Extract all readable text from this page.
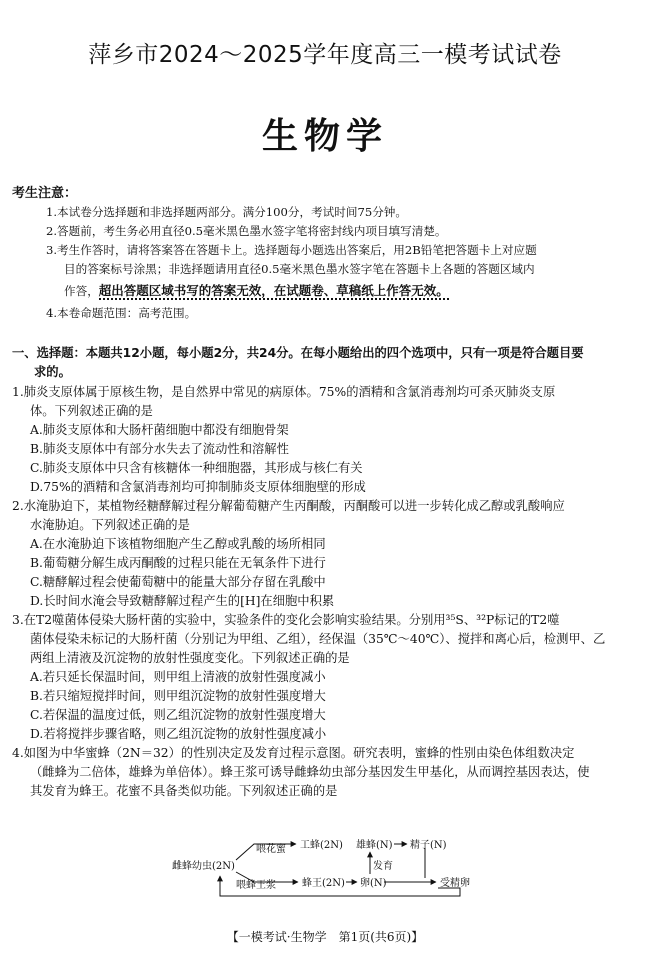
萍乡市2024～2025学年度高三一模考试试卷
生物学
考生注意：
1.本试卷分选择题和非选择题两部分。满分100分，考试时间75分钟。
2.答题前，考生务必用直径0.5毫米黑色墨水签字笔将密封线内项目填写清楚。
3.考生作答时，请将答案答在答题卡上。选择题每小题选出答案后，用2B铅笔把答题卡上对应题
目的答案标号涂黑；非选择题请用直径0.5毫米黑色墨水签字笔在答题卡上各题的答题区域内
作答，超出答题区域书写的答案无效，在试题卷、草稿纸上作答无效。
4.本卷命题范围：高考范围。
一、选择题：本题共12小题，每小题2分，共24分。在每小题给出的四个选项中，只有一项是符合题目要
求的。
1.肺炎支原体属于原核生物，是自然界中常见的病原体。75%的酒精和含氯消毒剂均可杀灭肺炎支原
体。下列叙述正确的是
A.肺炎支原体和大肠杆菌细胞中都没有细胞骨架
B.肺炎支原体中有部分水失去了流动性和溶解性
C.肺炎支原体中只含有核糖体一种细胞器，其形成与核仁有关
D.75%的酒精和含氯消毒剂均可抑制肺炎支原体细胞壁的形成
2.水淹胁迫下，某植物经糖酵解过程分解葡萄糖产生丙酮酸，丙酮酸可以进一步转化成乙醇或乳酸响应
水淹胁迫。下列叙述正确的是
A.在水淹胁迫下该植物细胞产生乙醇或乳酸的场所相同
B.葡萄糖分解生成丙酮酸的过程只能在无氧条件下进行
C.糖酵解过程会使葡萄糖中的能量大部分存留在乳酸中
D.长时间水淹会导致糖酵解过程产生的[H]在细胞中积累
3.在T2噬菌体侵染大肠杆菌的实验中，实验条件的变化会影响实验结果。分别用³⁵S、³²P标记的T2噬
菌体侵染未标记的大肠杆菌（分别记为甲组、乙组），经保温（35℃～40℃）、搅拌和离心后，检测甲、乙
两组上清液及沉淀物的放射性强度变化。下列叙述正确的是
A.若只延长保温时间，则甲组上清液的放射性强度减小
B.若只缩短搅拌时间，则甲组沉淀物的放射性强度增大
C.若保温的温度过低，则乙组沉淀物的放射性强度增大
D.若将搅拌步骤省略，则乙组沉淀物的放射性强度减小
4.如图为中华蜜蜂（2N＝32）的性别决定及发育过程示意图。研究表明，蜜蜂的性别由染色体组数决定
（雌蜂为二倍体，雄蜂为单倍体）。蜂王浆可诱导雌蜂幼虫部分基因发生甲基化，从而调控基因表达，使
其发育为蜂王。花蜜不具备类似功能。下列叙述正确的是
雌蜂幼虫(2N)
喂花蜜 工蜂(2N)
喂蜂王浆	蜂王(2N) 卵(N)
雄蜂(N) 精子(N)
发育
受精卵
【一模考试·生物学　第1页(共6页)】
